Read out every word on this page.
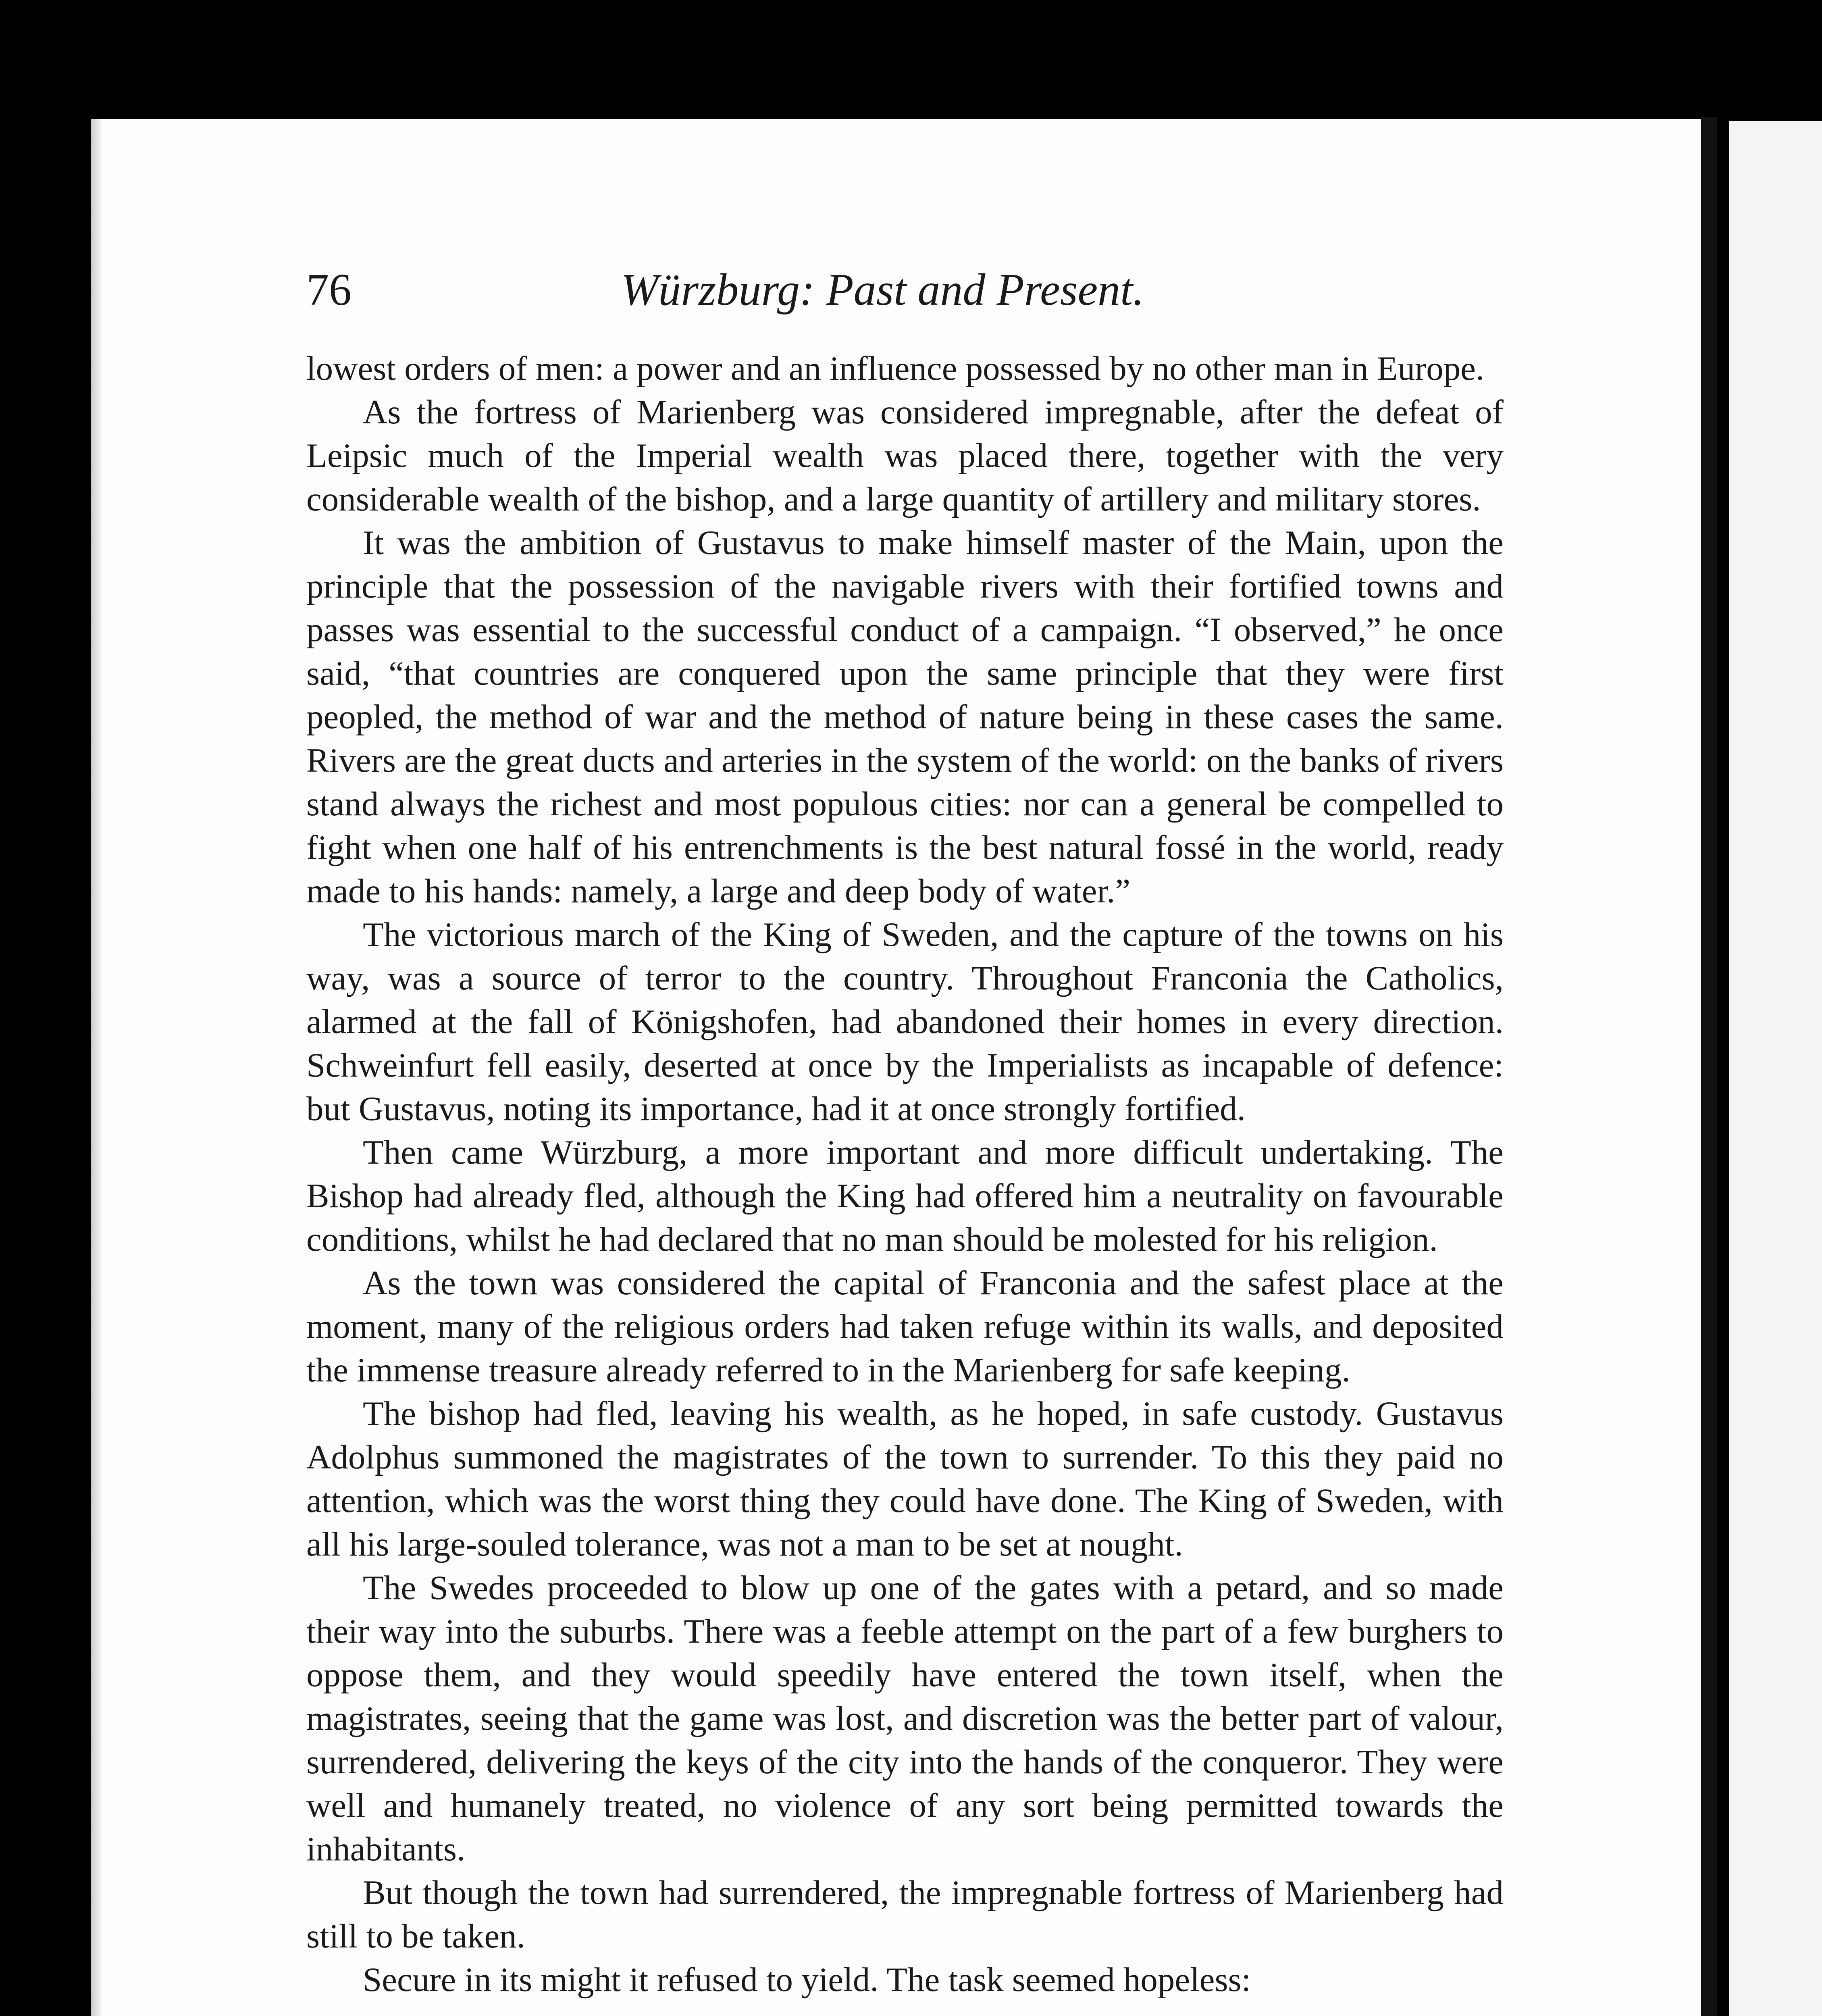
76	Würzburg: Past and Present.

lowest orders of men: a power and an influence possessed by no other man in Europe.

As the fortress of Marienberg was considered impregnable, after the defeat of Leipsic much of the Imperial wealth was placed there, together with the very considerable wealth of the bishop, and a large quantity of artillery and military stores.

It was the ambition of Gustavus to make himself master of the Main, upon the principle that the possession of the navigable rivers with their fortified towns and passes was essential to the successful conduct of a campaign. “I observed,” he once said, “that countries are conquered upon the same principle that they were first peopled, the method of war and the method of nature being in these cases the same. Rivers are the great ducts and arteries in the system of the world: on the banks of rivers stand always the richest and most populous cities: nor can a general be compelled to fight when one half of his entrenchments is the best natural fossé in the world, ready made to his hands: namely, a large and deep body of water.”

The victorious march of the King of Sweden, and the capture of the towns on his way, was a source of terror to the country. Throughout Franconia the Catholics, alarmed at the fall of Königshofen, had abandoned their homes in every direction. Schweinfurt fell easily, deserted at once by the Imperialists as incapable of defence: but Gustavus, noting its importance, had it at once strongly fortified.

Then came Würzburg, a more important and more difficult undertaking. The Bishop had already fled, although the King had offered him a neutrality on favourable conditions, whilst he had declared that no man should be molested for his religion.

As the town was considered the capital of Franconia and the safest place at the moment, many of the religious orders had taken refuge within its walls, and deposited the immense treasure already referred to in the Marienberg for safe keeping.

The bishop had fled, leaving his wealth, as he hoped, in safe custody. Gustavus Adolphus summoned the magistrates of the town to surrender. To this they paid no attention, which was the worst thing they could have done. The King of Sweden, with all his large-souled tolerance, was not a man to be set at nought.

The Swedes proceeded to blow up one of the gates with a petard, and so made their way into the suburbs. There was a feeble attempt on the part of a few burghers to oppose them, and they would speedily have entered the town itself, when the magistrates, seeing that the game was lost, and discretion was the better part of valour, surrendered, delivering the keys of the city into the hands of the conqueror. They were well and humanely treated, no violence of any sort being permitted towards the inhabitants.

But though the town had surrendered, the impregnable fortress of Marienberg had still to be taken.

Secure in its might it refused to yield. The task seemed hopeless:
